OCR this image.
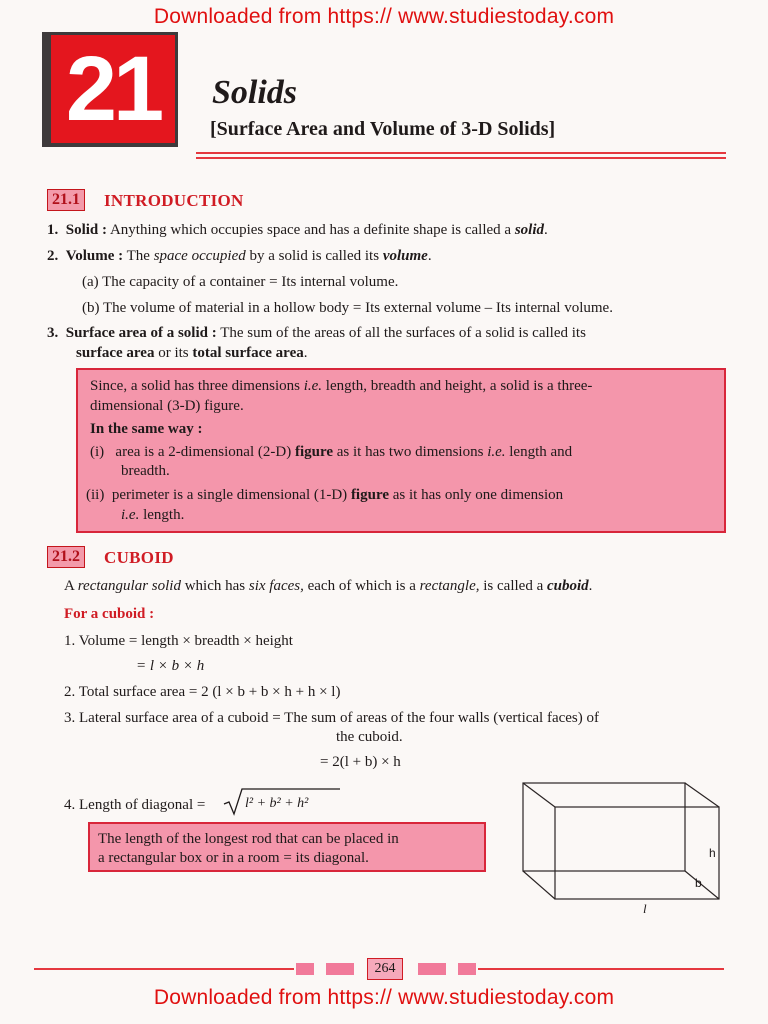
Downloaded from https:// www.studiestoday.com
21	Solids
[Surface Area and Volume of 3-D Solids]
21.1 INTRODUCTION
1. Solid : Anything which occupies space and has a definite shape is called a solid.
2. Volume : The space occupied by a solid is called its volume.
(a) The capacity of a container = Its internal volume.
(b) The volume of material in a hollow body = Its external volume – Its internal volume.
3. Surface area of a solid : The sum of the areas of all the surfaces of a solid is called its
surface area or its total surface area.
Since, a solid has three dimensions i.e. length, breadth and height, a solid is a three-
dimensional (3-D) figure.
In the same way :
(i) area is a 2-dimensional (2-D) figure as it has two dimensions i.e. length and
breadth.
(ii) perimeter is a single dimensional (1-D) figure as it has only one dimension
i.e. length.
21.2 CUBOID
A rectangular solid which has six faces, each of which is a rectangle, is called a cuboid.
For a cuboid :
1. Volume = length × breadth × height
= l × b × h
2. Total surface area = 2 (l × b + b × h + h × l)
3. Lateral surface area of a cuboid = The sum of areas of the four walls (vertical faces) of
the cuboid.
= 2(l + b) × h
4. Length of diagonal =	l² + b² + h²
The length of the longest rod that can be placed in
a rectangular box or in a room = its diagonal.	h
b
l
264
Downloaded from https:// www.studiestoday.com
